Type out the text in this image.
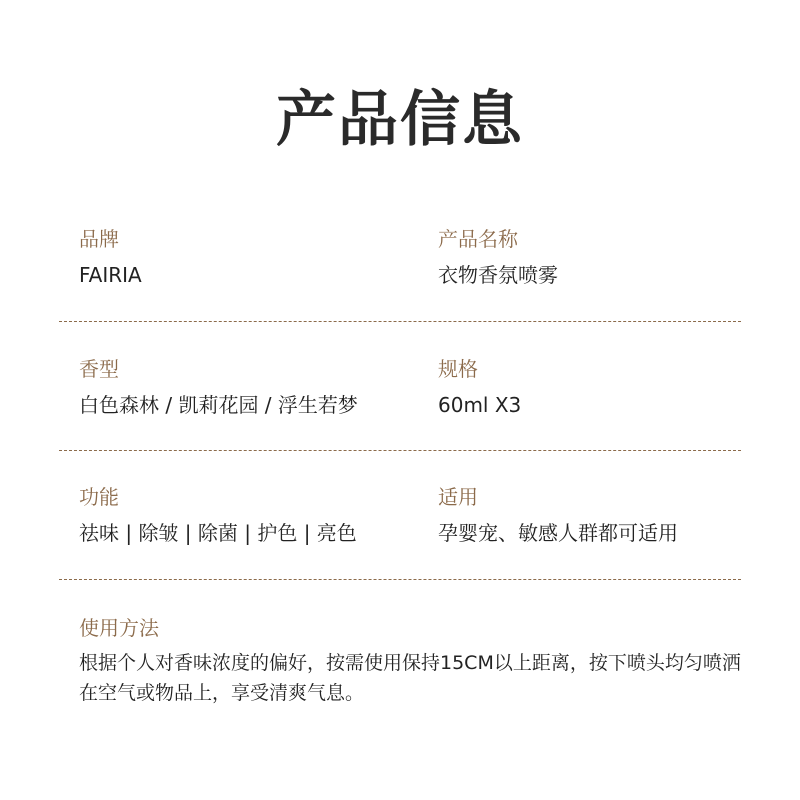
产品信息
品牌
FAIRIA
产品名称
衣物香氛喷雾
香型
白色森林 / 凯莉花园 / 浮生若梦
规格
60ml X3
功能
祛味 | 除皱 | 除菌 | 护色 | 亮色
适用
孕婴宠、敏感人群都可适用
使用方法
根据个人对香味浓度的偏好，按需使用保持15CM以上距离，按下喷头均匀喷洒在空气或物品上，享受清爽气息。
